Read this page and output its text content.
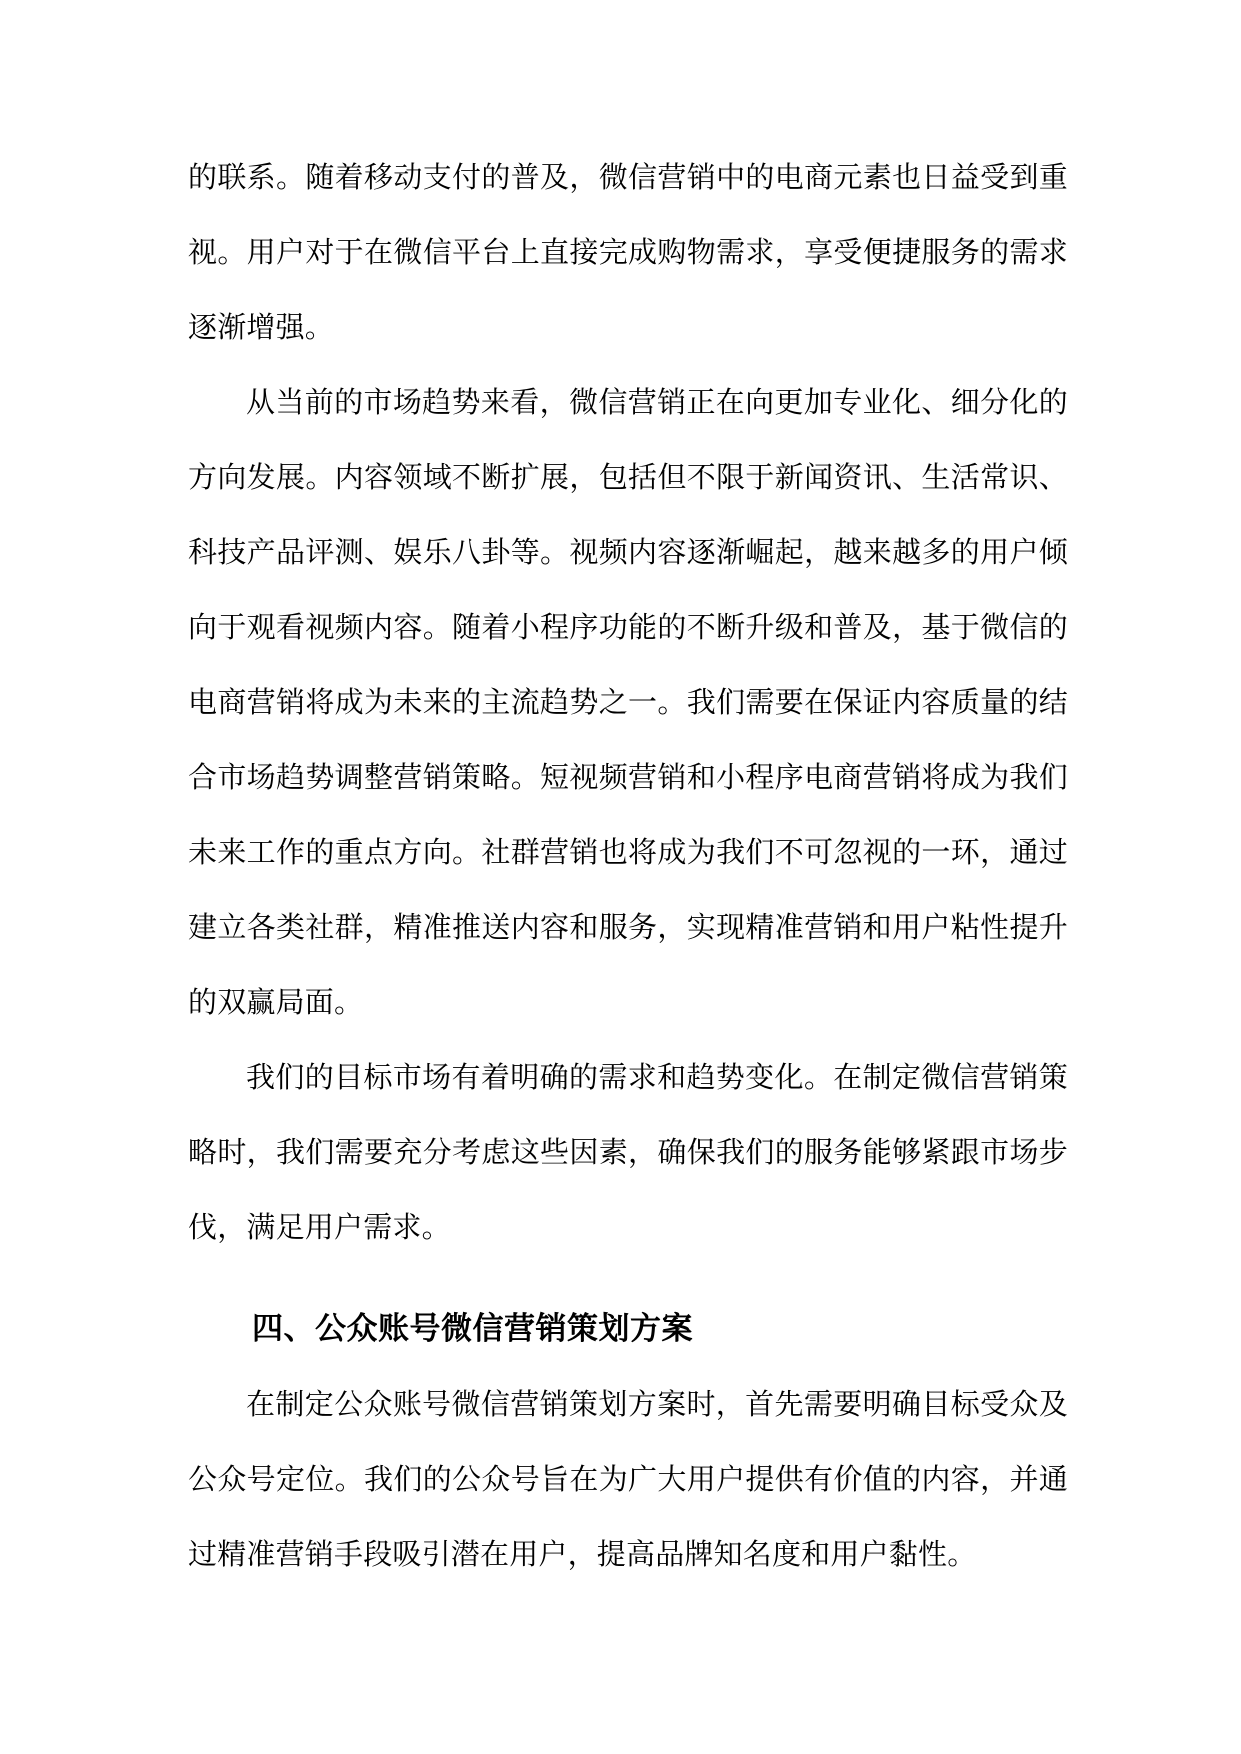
的联系。随着移动支付的普及，微信营销中的电商元素也日益受到重视。用户对于在微信平台上直接完成购物需求，享受便捷服务的需求逐渐增强。

从当前的市场趋势来看，微信营销正在向更加专业化、细分化的方向发展。内容领域不断扩展，包括但不限于新闻资讯、生活常识、科技产品评测、娱乐八卦等。视频内容逐渐崛起，越来越多的用户倾向于观看视频内容。随着小程序功能的不断升级和普及，基于微信的电商营销将成为未来的主流趋势之一。我们需要在保证内容质量的结合市场趋势调整营销策略。短视频营销和小程序电商营销将成为我们未来工作的重点方向。社群营销也将成为我们不可忽视的一环，通过建立各类社群，精准推送内容和服务，实现精准营销和用户粘性提升的双赢局面。

我们的目标市场有着明确的需求和趋势变化。在制定微信营销策略时，我们需要充分考虑这些因素，确保我们的服务能够紧跟市场步伐，满足用户需求。

四、公众账号微信营销策划方案

在制定公众账号微信营销策划方案时，首先需要明确目标受众及公众号定位。我们的公众号旨在为广大用户提供有价值的内容，并通过精准营销手段吸引潜在用户，提高品牌知名度和用户黏性。
